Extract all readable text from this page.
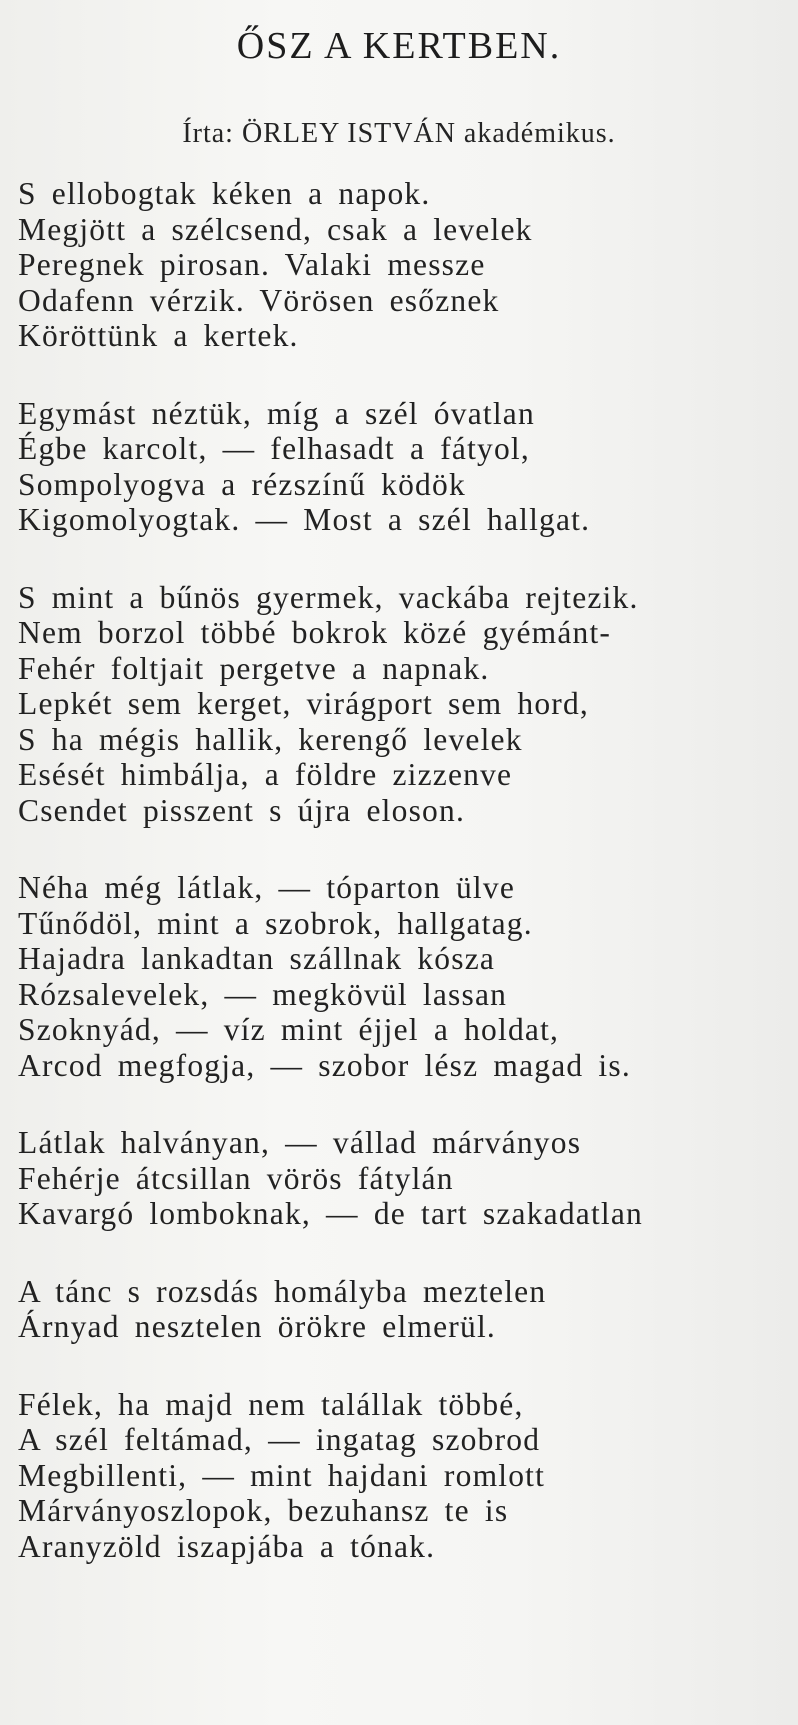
ŐSZ A KERTBEN.
Írta: ÖRLEY ISTVÁN akadémikus.
S ellobogtak kéken a napok.
Megjött a szélcsend, csak a levelek
Peregnek pirosan. Valaki messze
Odafenn vérzik. Vörösen esőznek
Köröttünk a kertek.
Egymást néztük, míg a szél óvatlan
Égbe karcolt, — felhasadt a fátyol,
Sompolyogva a rézszínű ködök
Kigomolyogtak. — Most a szél hallgat.
S mint a bűnös gyermek, vackába rejtezik.
Nem borzol többé bokrok közé gyémánt-
Fehér foltjait pergetve a napnak.
Lepkét sem kerget, virágport sem hord,
S ha mégis hallik, kerengő levelek
Esését himbálja, a földre zizzenve
Csendet pisszent s újra eloson.
Néha még látlak, — tóparton ülve
Tűnődöl, mint a szobrok, hallgatag.
Hajadra lankadtan szállnak kósza
Rózsalevelek, — megkövül lassan
Szoknyád, — víz mint éjjel a holdat,
Arcod megfogja, — szobor lész magad is.
Látlak halványan, — vállad márványos
Fehérje átcsillan vörös fátylán
Kavargó lomboknak, — de tart szakadatlan
A tánc s rozsdás homályba meztelen
Árnyad nesztelen örökre elmerül.
Félek, ha majd nem talállak többé,
A szél feltámad, — ingatag szobrod
Megbillenti, — mint hajdani romlott
Márványoszlopok, bezuhansz te is
Aranyzöld iszapjába a tónak.
